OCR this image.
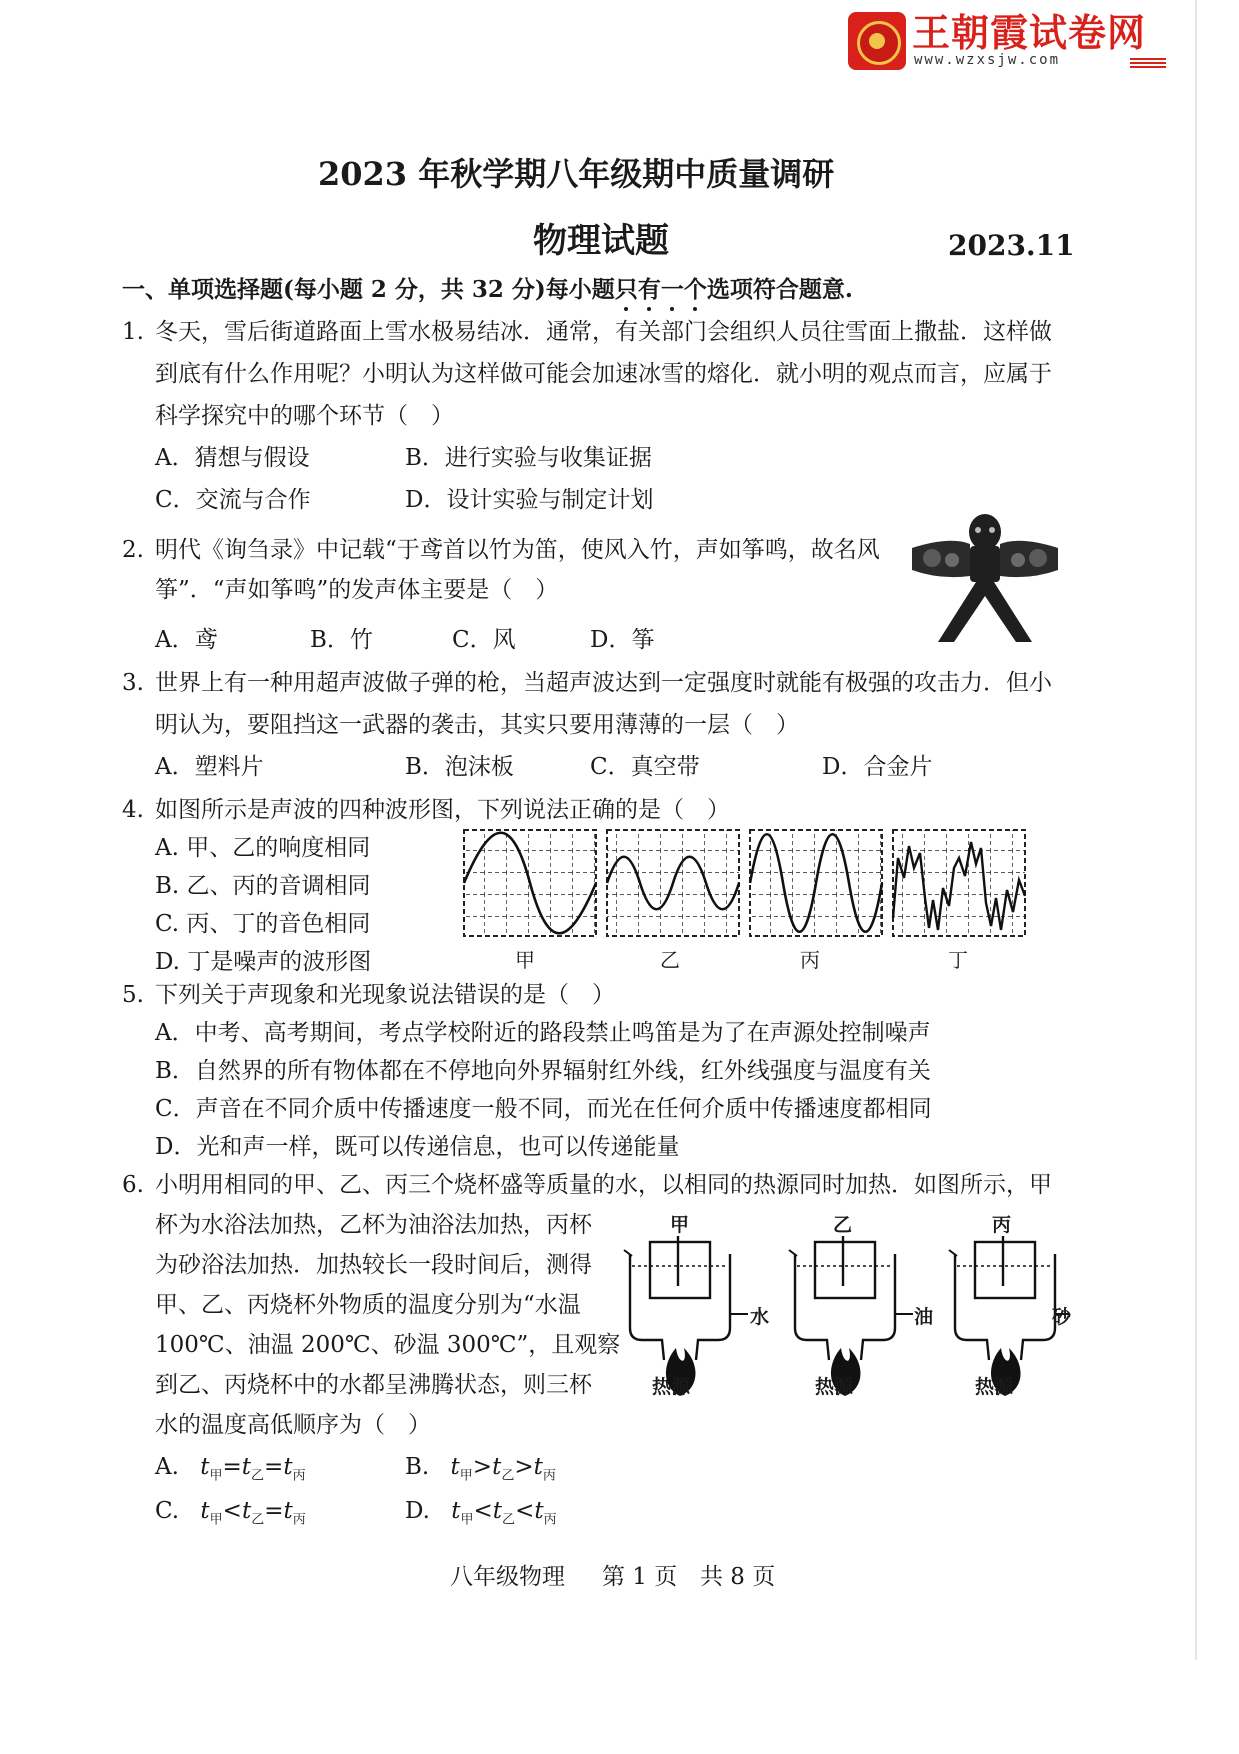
王朝霞试卷网
www.wzxsjw.com
2023 年秋学期八年级期中质量调研
物理试题	2023.11
一、单项选择题(每小题 2 分，共 32 分)每小题只有一个选项符合题意.
1. 冬天，雪后街道路面上雪水极易结冰．通常，有关部门会组织人员往雪面上撒盐．这样做
到底有什么作用呢？小明认为这样做可能会加速冰雪的熔化．就小明的观点而言，应属于
科学探究中的哪个环节（　）
A．猜想与假设	B．进行实验与收集证据
C．交流与合作	D．设计实验与制定计划
2. 明代《询刍录》中记载“于鸢首以竹为笛，使风入竹，声如筝鸣，故名风
筝”．“声如筝鸣”的发声体主要是（　）
A．鸢	B．竹	C．风	D．筝
3. 世界上有一种用超声波做子弹的枪，当超声波达到一定强度时就能有极强的攻击力．但小
明认为，要阻挡这一武器的袭击，其实只要用薄薄的一层（　）
A．塑料片	B．泡沫板	C．真空带	D．合金片
4. 如图所示是声波的四种波形图，下列说法正确的是（　）
A. 甲、乙的响度相同
B. 乙、丙的音调相同
C. 丙、丁的音色相同
D. 丁是噪声的波形图	甲	乙	丙	丁
5. 下列关于声现象和光现象说法错误的是（　）
A．中考、高考期间，考点学校附近的路段禁止鸣笛是为了在声源处控制噪声
B．自然界的所有物体都在不停地向外界辐射红外线，红外线强度与温度有关
C．声音在不同介质中传播速度一般不同，而光在任何介质中传播速度都相同
D．光和声一样，既可以传递信息，也可以传递能量
6. 小明用相同的甲、乙、丙三个烧杯盛等质量的水，以相同的热源同时加热．如图所示，甲
杯为水浴法加热，乙杯为油浴法加热，丙杯
为砂浴法加热．加热较长一段时间后，测得
甲、乙、丙烧杯外物质的温度分别为“水温
100℃、油温 200℃、砂温 300℃”，且观察
到乙、丙烧杯中的水都呈沸腾状态，则三杯
水的温度高低顺序为（　）
甲	乙	丙
水	油	砂
热源	热源	热源
A. $t_甲=t_乙=t_丙$	B. $t_甲>t_乙>t_丙$
C. $t_甲<t_乙=t_丙$	D. $t_甲<t_乙<t_丙$
八年级物理 第 1 页 共 8 页
